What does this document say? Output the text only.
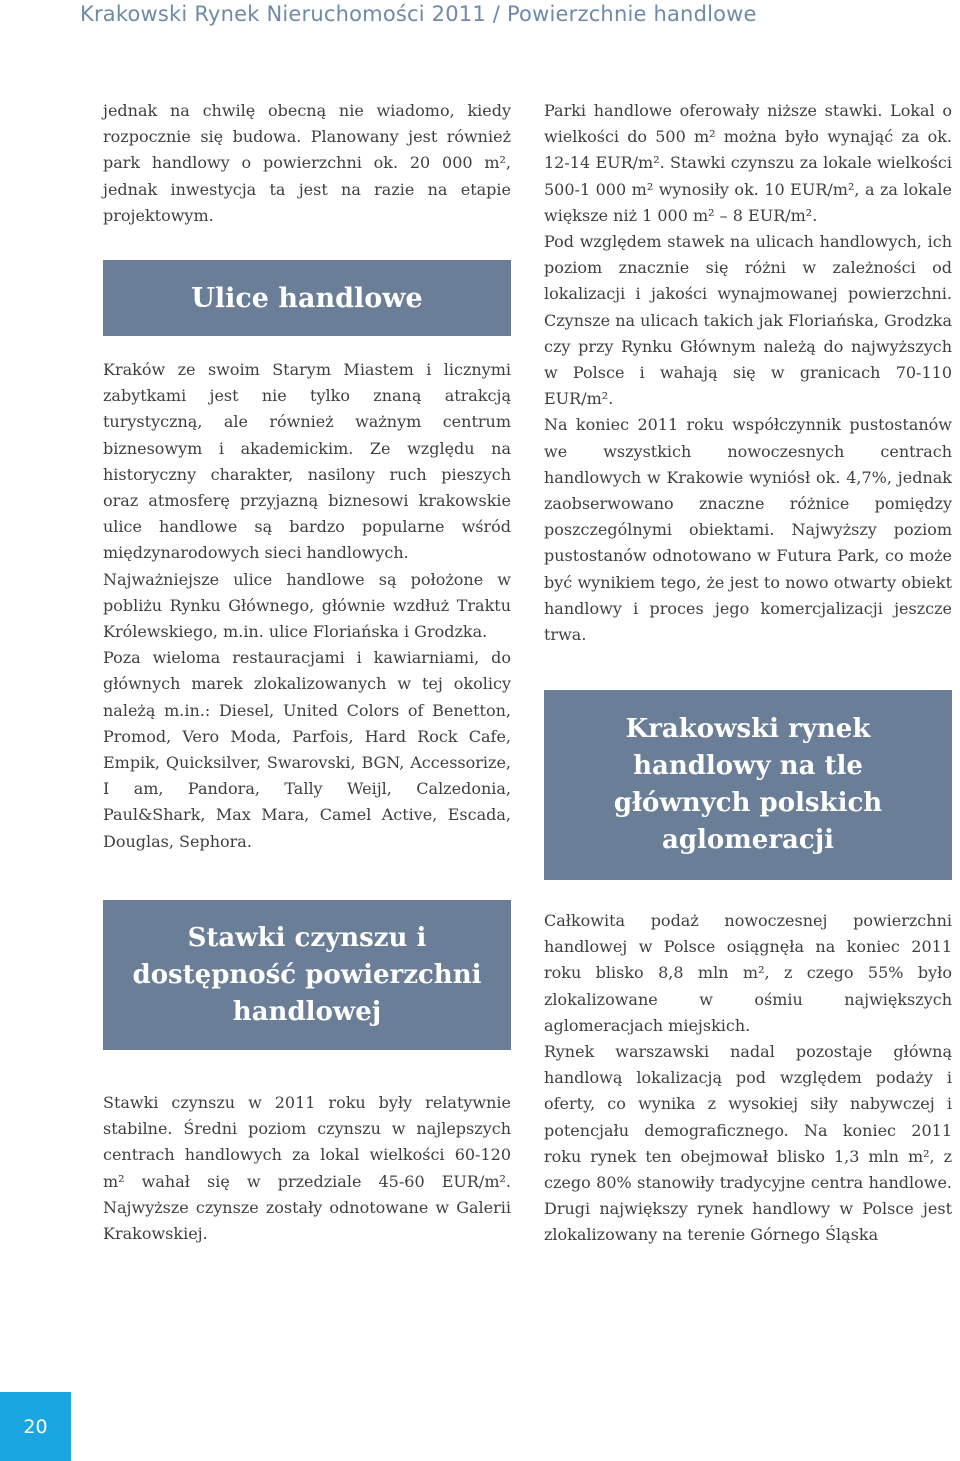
Krakowski Rynek Nieruchomości 2011 / Powierzchnie handlowe

jednak na chwilę obecną nie wiadomo, kiedy rozpocznie się budowa. Planowany jest również park handlowy o powierzchni ok. 20 000 m², jednak inwestycja ta jest na razie na etapie projektowym.

Ulice handlowe

Kraków ze swoim Starym Miastem i licznymi zabytkami jest nie tylko znaną atrakcją turystyczną, ale również ważnym centrum biznesowym i akademickim. Ze względu na historyczny charakter, nasilony ruch pieszych oraz atmosferę przyjazną biznesowi krakowskie ulice handlowe są bardzo popularne wśród międzynarodowych sieci handlowych.

Najważniejsze ulice handlowe są położone w pobliżu Rynku Głównego, głównie wzdłuż Traktu Królewskiego, m.in. ulice Floriańska i Grodzka.

Poza wieloma restauracjami i kawiarniami, do głównych marek zlokalizowanych w tej okolicy należą m.in.: Diesel, United Colors of Benetton, Promod, Vero Moda, Parfois, Hard Rock Cafe, Empik, Quicksilver, Swarovski, BGN, Accessorize, I am, Pandora, Tally Weijl, Calzedonia, Paul&Shark, Max Mara, Camel Active, Escada, Douglas, Sephora.

Stawki czynszu i dostępność powierzchni handlowej

Stawki czynszu w 2011 roku były relatywnie stabilne. Średni poziom czynszu w najlepszych centrach handlowych za lokal wielkości 60-120 m² wahał się w przedziale 45-60 EUR/m². Najwyższe czynsze zostały odnotowane w Galerii Krakowskiej.

Parki handlowe oferowały niższe stawki. Lokal o wielkości do 500 m² można było wynająć za ok. 12-14 EUR/m². Stawki czynszu za lokale wielkości 500-1 000 m² wynosiły ok. 10 EUR/m², a za lokale większe niż 1 000 m² – 8 EUR/m².

Pod względem stawek na ulicach handlowych, ich poziom znacznie się różni w zależności od lokalizacji i jakości wynajmowanej powierzchni. Czynsze na ulicach takich jak Floriańska, Grodzka czy przy Rynku Głównym należą do najwyższych w Polsce i wahają się w granicach 70-110 EUR/m².

Na koniec 2011 roku współczynnik pustostanów we wszystkich nowoczesnych centrach handlowych w Krakowie wyniósł ok. 4,7%, jednak zaobserwowano znaczne różnice pomiędzy poszczególnymi obiektami. Najwyższy poziom pustostanów odnotowano w Futura Park, co może być wynikiem tego, że jest to nowo otwarty obiekt handlowy i proces jego komercjalizacji jeszcze trwa.

Krakowski rynek handlowy na tle głównych polskich aglomeracji

Całkowita podaż nowoczesnej powierzchni handlowej w Polsce osiągnęła na koniec 2011 roku blisko 8,8 mln m², z czego 55% było zlokalizowane w ośmiu największych aglomeracjach miejskich.

Rynek warszawski nadal pozostaje główną handlową lokalizacją pod względem podaży i oferty, co wynika z wysokiej siły nabywczej i potencjału demograficznego. Na koniec 2011 roku rynek ten obejmował blisko 1,3 mln m², z czego 80% stanowiły tradycyjne centra handlowe. Drugi największy rynek handlowy w Polsce jest zlokalizowany na terenie Górnego Śląska

20
